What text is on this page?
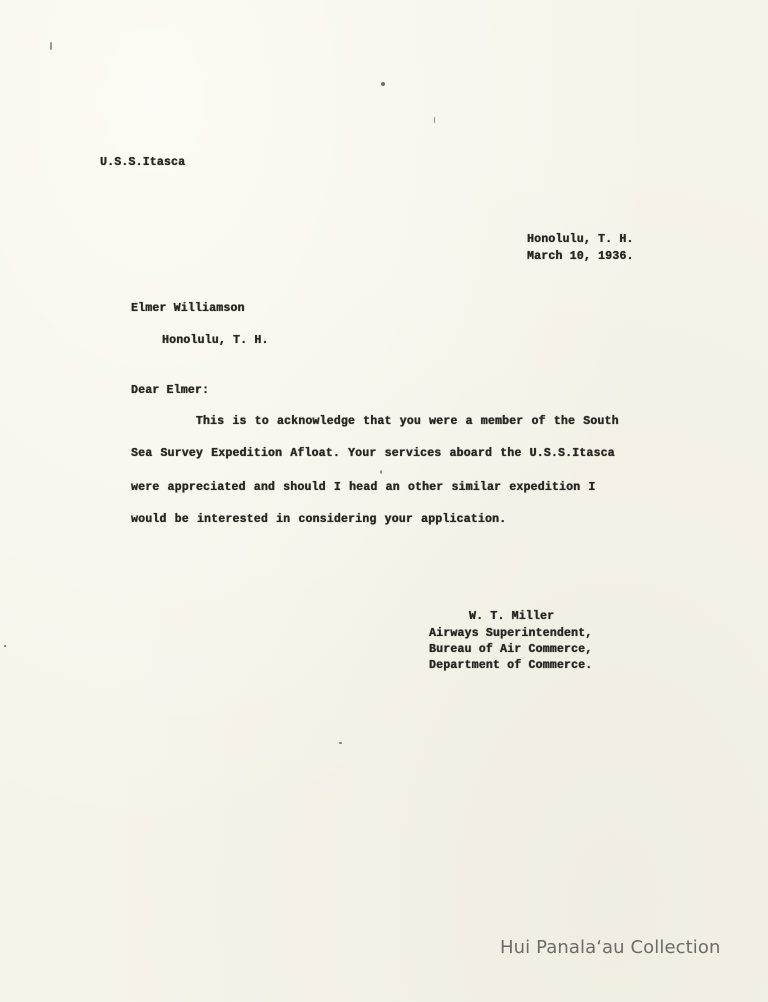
U.S.S.Itasca
Honolulu, T. H.
March 10, 1936.
Elmer Williamson
Honolulu, T. H.
Dear Elmer:
This is to acknowledge that you were a member of the South
Sea Survey Expedition Afloat. Your services aboard the U.S.S.Itasca
were appreciated and should I head an other similar expedition I
would be interested in considering your application.
W. T. Miller
Airways Superintendent,
Bureau of Air Commerce,
Department of Commerce.
Hui Panala‘au Collection
